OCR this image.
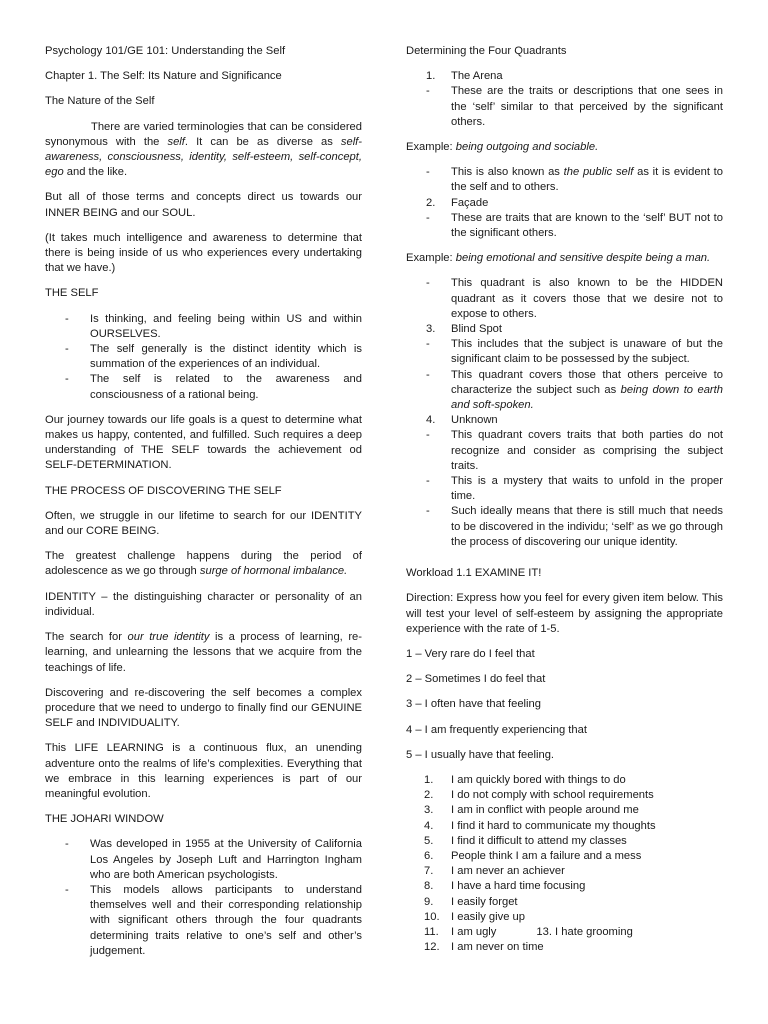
Psychology 101/GE 101: Understanding the Self

Chapter 1. The Self: Its Nature and Significance

The Nature of the Self

There are varied terminologies that can be considered synonymous with the self. It can be as diverse as self-awareness, consciousness, identity, self-esteem, self-concept, ego and the like.

But all of those terms and concepts direct us towards our INNER BEING and our SOUL.

(It takes much intelligence and awareness to determine that there is being inside of us who experiences every undertaking that we have.)

THE SELF

- Is thinking, and feeling being within US and within OURSELVES.
- The self generally is the distinct identity which is summation of the experiences of an individual.
- The self is related to the awareness and consciousness of a rational being.

Our journey towards our life goals is a quest to determine what makes us happy, contented, and fulfilled. Such requires a deep understanding of THE SELF towards the achievement od SELF-DETERMINATION.

THE PROCESS OF DISCOVERING THE SELF

Often, we struggle in our lifetime to search for our IDENTITY and our CORE BEING.

The greatest challenge happens during the period of adolescence as we go through surge of hormonal imbalance.

IDENTITY – the distinguishing character or personality of an individual.

The search for our true identity is a process of learning, re-learning, and unlearning the lessons that we acquire from the teachings of life.

Discovering and re-discovering the self becomes a complex procedure that we need to undergo to finally find our GENUINE SELF and INDIVIDUALITY.

This LIFE LEARNING is a continuous flux, an unending adventure onto the realms of life’s complexities. Everything that we embrace in this learning experiences is part of our meaningful evolution.

THE JOHARI WINDOW

- Was developed in 1955 at the University of California Los Angeles by Joseph Luft and Harrington Ingham who are both American psychologists.
- This models allows participants to understand themselves well and their corresponding relationship with significant others through the four quadrants determining traits relative to one’s self and other’s judgement.

Determining the Four Quadrants

1. The Arena
- These are the traits or descriptions that one sees in the ‘self’ similar to that perceived by the significant others.

Example: being outgoing and sociable.

- This is also known as the public self as it is evident to the self and to others.
2. Façade
- These are traits that are known to the ‘self’ BUT not to the significant others.

Example: being emotional and sensitive despite being a man.

- This quadrant is also known to be the HIDDEN quadrant as it covers those that we desire not to expose to others.
3. Blind Spot
- This includes that the subject is unaware of but the significant claim to be possessed by the subject.
- This quadrant covers those that others perceive to characterize the subject such as being down to earth and soft-spoken.
4. Unknown
- This quadrant covers traits that both parties do not recognize and consider as comprising the subject traits.
- This is a mystery that waits to unfold in the proper time.
- Such ideally means that there is still much that needs to be discovered in the individu; ‘self’ as we go through the process of discovering our unique identity.

Workload 1.1 EXAMINE IT!

Direction: Express how you feel for every given item below. This will test your level of self-esteem by assigning the appropriate experience with the rate of 1-5.

1 – Very rare do I feel that

2 – Sometimes I do feel that

3 – I often have that feeling

4 – I am frequently experiencing that

5 – I usually have that feeling.

1. I am quickly bored with things to do
2. I do not comply with school requirements
3. I am in conflict with people around me
4. I find it hard to communicate my thoughts
5. I find it difficult to attend my classes
6. People think I am a failure and a mess
7. I am never an achiever
8. I have a hard time focusing
9. I easily forget
10. I easily give up
11. I am ugly	13. I hate grooming
12. I am never on time
